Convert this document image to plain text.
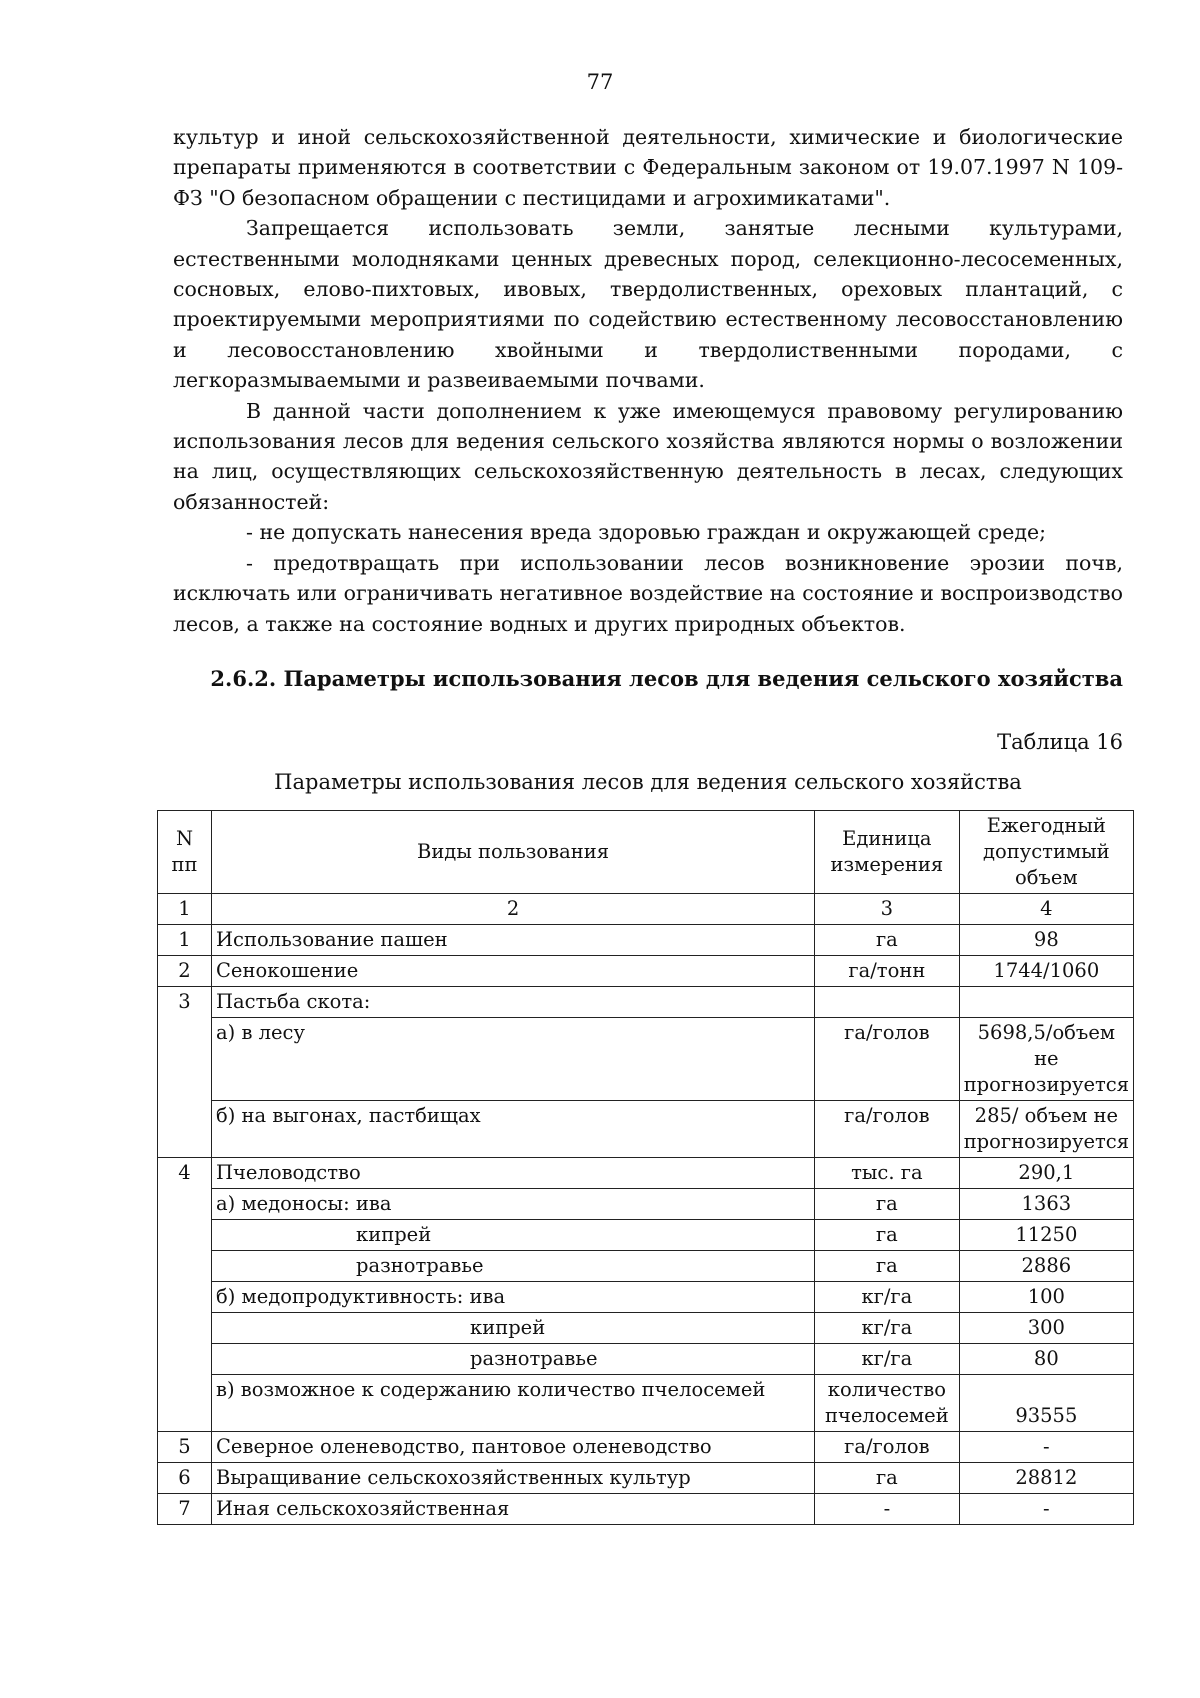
77

культур и иной сельскохозяйственной деятельности, химические и биологические препараты применяются в соответствии с Федеральным законом от 19.07.1997 N 109-ФЗ "О безопасном обращении с пестицидами и агрохимикатами".

Запрещается использовать земли, занятые лесными культурами, естественными молодняками ценных древесных пород, селекционно-лесосеменных, сосновых, елово-пихтовых, ивовых, твердолиственных, ореховых плантаций, с проектируемыми мероприятиями по содействию естественному лесовосстановлению и лесовосстановлению хвойными и твердолиственными породами, с легкоразмываемыми и развеиваемыми почвами.

В данной части дополнением к уже имеющемуся правовому регулированию использования лесов для ведения сельского хозяйства являются нормы о возложении на лиц, осуществляющих сельскохозяйственную деятельность в лесах, следующих обязанностей:

- не допускать нанесения вреда здоровью граждан и окружающей среде;

- предотвращать при использовании лесов возникновение эрозии почв, исключать или ограничивать негативное воздействие на состояние и воспроизводство лесов, а также на состояние водных и других природных объектов.

2.6.2. Параметры использования лесов для ведения сельского хозяйства
Таблица 16
Параметры использования лесов для ведения сельского хозяйства
N пп	Виды пользования	Единица измерения	Ежегодный допустимый объем
1	2	3	4
1	Использование пашен	га	98
2	Сенокошение	га/тонн	1744/1060
3	Пастьба скота:		
	а) в лесу	га/голов	5698,5/объем не прогнозируется
	б) на выгонах, пастбищах	га/голов	285/ объем не прогнозируется
4	Пчеловодство	тыс. га	290,1
	а) медоносы: ива	га	1363
	кипрей	га	11250
	разнотравье	га	2886
	б) медопродуктивность: ива	кг/га	100
	кипрей	кг/га	300
	разнотравье	кг/га	80
	в) возможное к содержанию количество пчелосемей	количество пчелосемей	93555
5	Северное оленеводство, пантовое оленеводство	га/голов	-
6	Выращивание сельскохозяйственных культур	га	28812
7	Иная сельскохозяйственная	-	-
